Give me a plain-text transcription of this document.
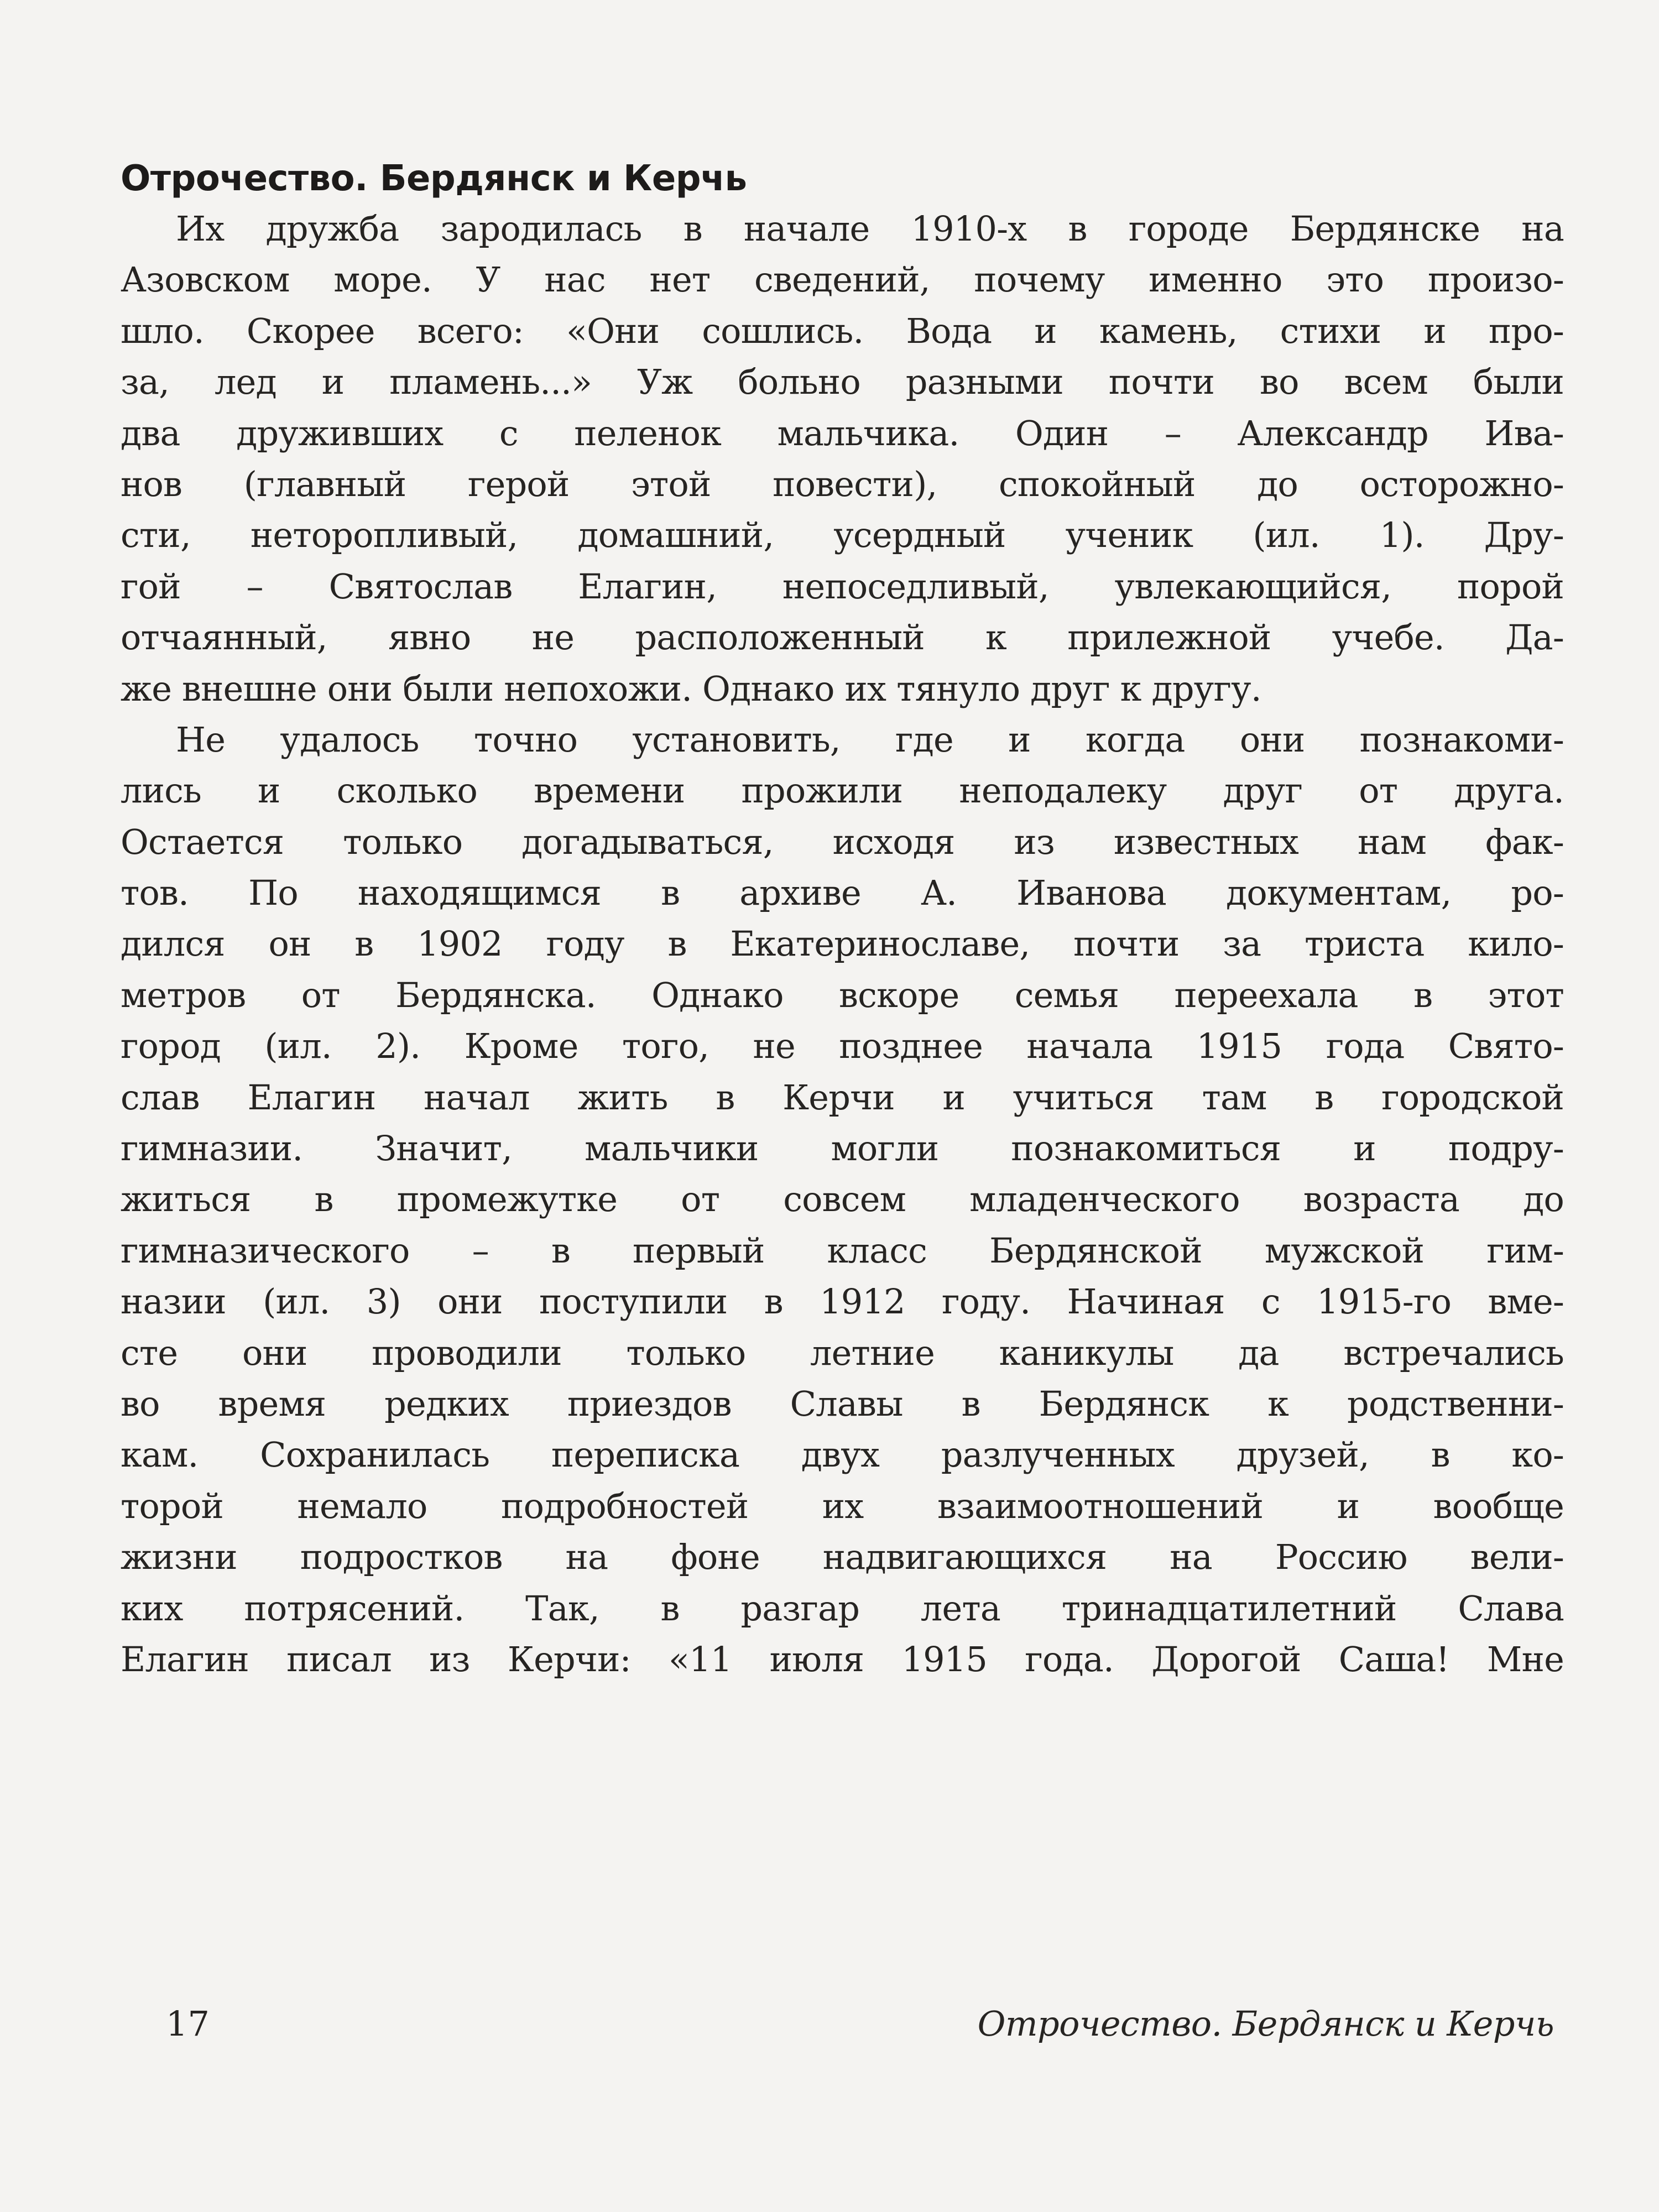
Отрочество. Бердянск и Керчь
Их дружба зародилась в начале 1910-х в городе Бердянске на
Азовском море. У нас нет сведений, почему именно это произо-
шло. Скорее всего: «Они сошлись. Вода и камень, стихи и про-
за, лед и пламень...» Уж больно разными почти во всем были
два друживших с пеленок мальчика. Один – Александр Ива-
нов (главный герой этой повести), спокойный до осторожно-
сти, неторопливый, домашний, усердный ученик (ил. 1). Дру-
гой – Святослав Елагин, непоседливый, увлекающийся, порой
отчаянный, явно не расположенный к прилежной учебе. Да-
же внешне они были непохожи. Однако их тянуло друг к другу.
Не удалось точно установить, где и когда они познакоми-
лись и сколько времени прожили неподалеку друг от друга.
Остается только догадываться, исходя из известных нам фак-
тов. По находящимся в архиве А. Иванова документам, ро-
дился он в 1902 году в Екатеринославе, почти за триста кило-
метров от Бердянска. Однако вскоре семья переехала в этот
город (ил. 2). Кроме того, не позднее начала 1915 года Свято-
слав Елагин начал жить в Керчи и учиться там в городской
гимназии. Значит, мальчики могли познакомиться и подру-
житься в промежутке от совсем младенческого возраста до
гимназического – в первый класс Бердянской мужской гим-
назии (ил. 3) они поступили в 1912 году. Начиная с 1915-го вме-
сте они проводили только летние каникулы да встречались
во время редких приездов Славы в Бердянск к родственни-
кам. Сохранилась переписка двух разлученных друзей, в ко-
торой немало подробностей их взаимоотношений и вообще
жизни подростков на фоне надвигающихся на Россию вели-
ких потрясений. Так, в разгар лета тринадцатилетний Слава
Елагин писал из Керчи: «11 июля 1915 года. Дорогой Саша! Мне
17	Отрочество. Бердянск и Керчь
